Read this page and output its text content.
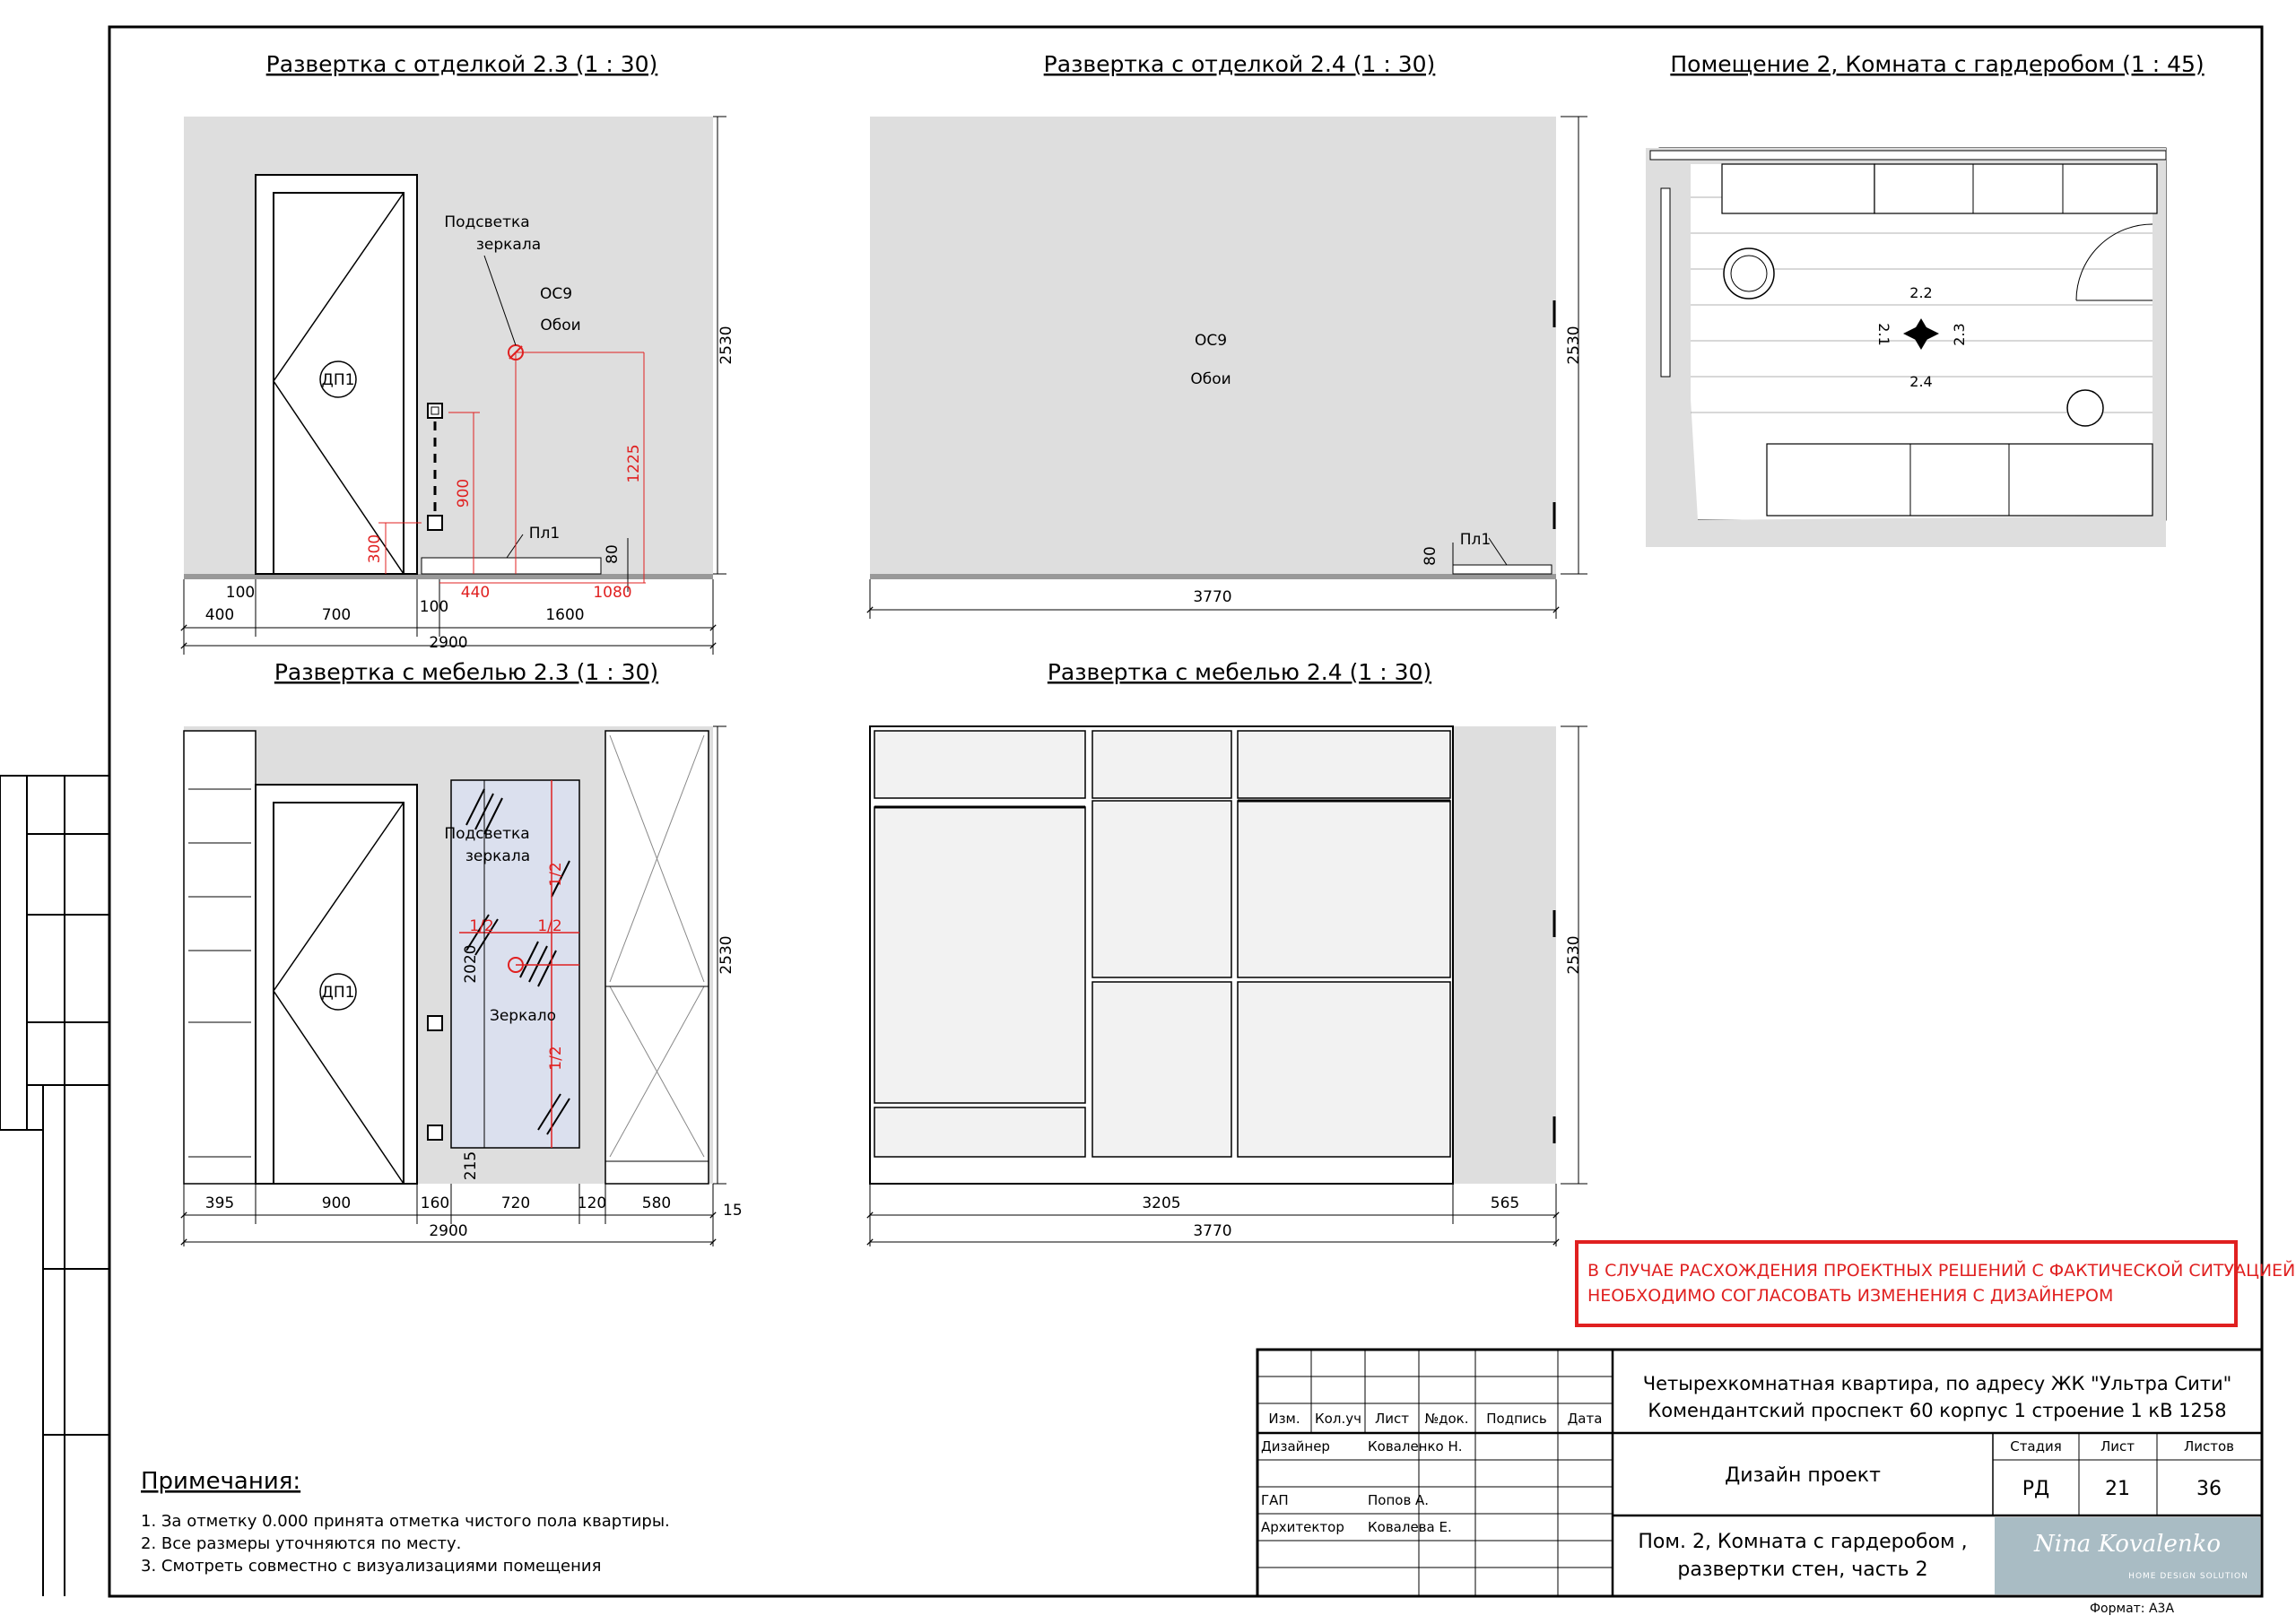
Развертка с отделкой 2.3 (1 : 30)
ДП1
Подсветка
зеркала
ОС9
Обои
Пл1
2530
900
300
1225
80
100
400	700	100
440	1080
1600
2900
Развертка с отделкой 2.4 (1 : 30)
ОС9
Обои
Пл1
2530
80
3770
Помещение 2, Комната с гардеробом (1 : 45)
2.2
2.1	2.3
2.4
Развертка с мебелью 2.3 (1 : 30)
ДП1
Подсветка
зеркала
Зеркало
1/2	1/2
1/2
1/2
2530
2020
215
15
395	900	160	720	120 580
2900
Развертка с мебелью 2.4 (1 : 30)
2530
3205	565
3770
В СЛУЧАЕ РАСХОЖДЕНИЯ ПРОЕКТНЫХ РЕШЕНИЙ С ФАКТИЧЕСКОЙ СИТУАЦИЕЙ
НЕОБХОДИМО СОГЛАСОВАТЬ ИЗМЕНЕНИЯ С ДИЗАЙНЕРОМ
Примечания:
1. За отметку 0.000 принята отметка чистого пола квартиры.
2. Все размеры уточняются по месту.
3. Смотреть совместно с визуализациями помещения
Изм. Кол.уч Лист №док. Подпись Дата
Дизайнер	Коваленко Н.
ГАП	Попов А.
Архитектор Ковалева Е.
Четырехкомнатная квартира, по адресу ЖК "Ультра Сити"
Комендантский проспект 60 корпус 1 строение 1 кВ 1258
Дизайн проект
Стадия	Лист	Листов
РД	21	36
Пом. 2, Комната с гардеробом ,
развертки стен, часть 2
Nina Kovalenko
HOME DESIGN SOLUTION
Формат: А3А
